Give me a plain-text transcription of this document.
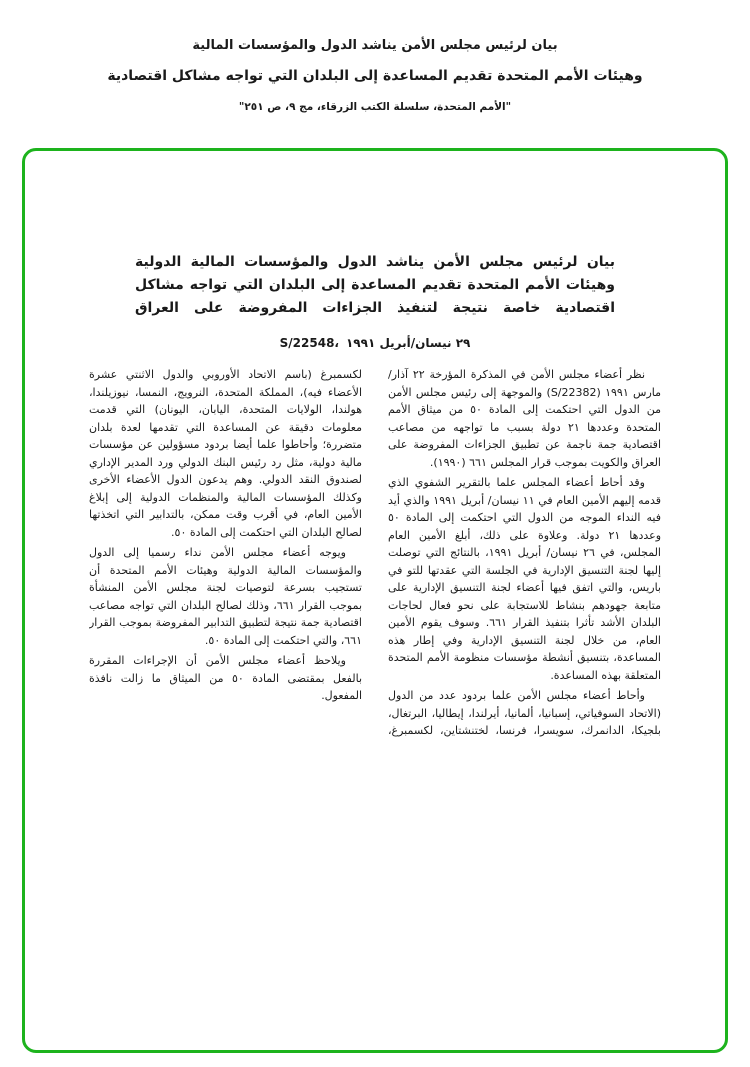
بيان لرئيس مجلس الأمن يناشد الدول والمؤسسات المالية
وهيئات الأمم المتحدة تقديم المساعدة إلى البلدان التي تواجه مشاكل اقتصادية
"الأمم المتحدة، سلسلة الكتب الزرقاء، مج ٩، ص ٢٥١"
بيان لرئيس مجلس الأمن يناشد الدول والمؤسسات المالية الدولية وهيئات الأمم المتحدة تقديم المساعدة إلى البلدان التي تواجه مشاكل اقتصادية خاصة نتيجة لتنفيذ الجزاءات المفروضة على العراق
S/22548، ٢٩ نيسان/أبريل ١٩٩١

نظر أعضاء مجلس الأمن في المذكرة المؤرخة ٢٢ آذار/ مارس ١٩٩١ (S/22382) والموجهة إلى رئيس مجلس الأمن من الدول التي احتكمت إلى المادة ٥٠ من ميثاق الأمم المتحدة وعددها ٢١ دولة بسبب ما تواجهه من مصاعب اقتصادية جمة ناجمة عن تطبيق الجزاءات المفروضة على العراق والكويت بموجب قرار المجلس ٦٦١ (١٩٩٠).

وقد أحاط أعضاء المجلس علما بالتقرير الشفوي الذي قدمه إليهم الأمين العام في ١١ نيسان/ أبريل ١٩٩١ والذي أيد فيه النداء الموجه من الدول التي احتكمت إلى المادة ٥٠ وعددها ٢١ دولة. وعلاوة على ذلك، أبلغ الأمين العام المجلس، في ٢٦ نيسان/ أبريل ١٩٩١، بالنتائج التي توصلت إليها لجنة التنسيق الإدارية في الجلسة التي عقدتها للتو في باريس، والتي اتفق فيها أعضاء لجنة التنسيق الإدارية على متابعة جهودهم بنشاط للاستجابة على نحو فعال لحاجات البلدان الأشد تأثرا بتنفيذ القرار ٦٦١. وسوف يقوم الأمين العام، من خلال لجنة التنسيق الإدارية وفي إطار هذه المساعدة، بتنسيق أنشطة مؤسسات منظومة الأمم المتحدة المتعلقة بهذه المساعدة.

وأحاط أعضاء مجلس الأمن علما بردود عدد من الدول (الاتحاد السوفياتي، إسبانيا، ألمانيا، أيرلندا، إيطاليا، البرتغال، بلجيكا، الدانمرك، سويسرا، فرنسا، لختنشتاين، لكسمبرغ، لكسمبرغ (باسم الاتحاد الأوروبي والدول الاثنتي عشرة الأعضاء فيه)، المملكة المتحدة، النرويج، النمسا، نيوزيلندا، هولندا، الولايات المتحدة، اليابان، اليونان) التي قدمت معلومات دقيقة عن المساعدة التي تقدمها لعدة بلدان متضررة؛ وأحاطوا علما أيضا بردود مسؤولين عن مؤسسات مالية دولية، مثل رد رئيس البنك الدولي ورد المدير الإداري لصندوق النقد الدولي. وهم يدعون الدول الأعضاء الأخرى وكذلك المؤسسات المالية والمنظمات الدولية إلى إبلاغ الأمين العام، في أقرب وقت ممكن، بالتدابير التي اتخذتها لصالح البلدان التي احتكمت إلى المادة ٥٠.

ويوجه أعضاء مجلس الأمن نداء رسميا إلى الدول والمؤسسات المالية الدولية وهيئات الأمم المتحدة أن تستجيب بسرعة لتوصيات لجنة مجلس الأمن المنشأة بموجب القرار ٦٦١، وذلك لصالح البلدان التي تواجه مصاعب اقتصادية جمة نتيجة لتطبيق التدابير المفروضة بموجب القرار ٦٦١، والتي احتكمت إلى المادة ٥٠.

ويلاحظ أعضاء مجلس الأمن أن الإجراءات المقررة بالفعل بمقتضى المادة ٥٠ من الميثاق ما زالت نافذة المفعول.
